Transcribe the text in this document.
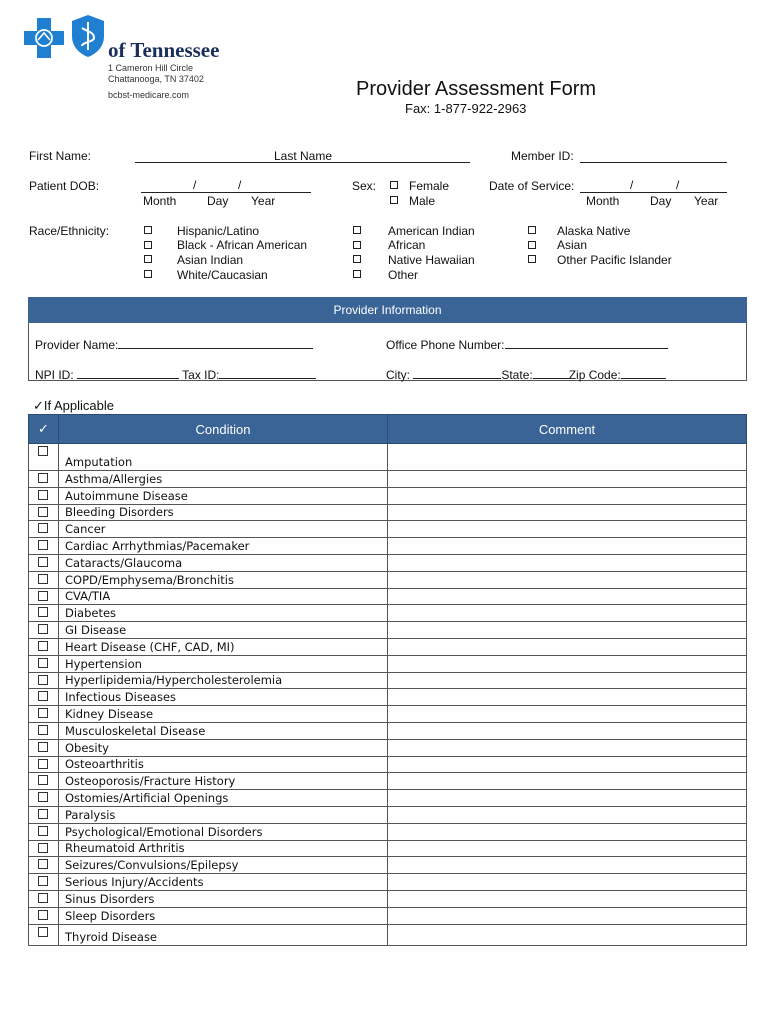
of Tennessee
1 Cameron Hill Circle
Chattanooga, TN 37402
bcbst-medicare.com	Provider Assessment Form
Fax: 1-877-922-2963
First Name:	Last Name	Member ID:
Patient DOB:	/	/
Month	Day Year
Sex:	Female
Male
Date of Service:	/	/
Month	Day Year
Race/Ethnicity:	Hispanic/Latino
Black - African American
Asian Indian
White/Caucasian
American Indian
African
Native Hawaiian
Other
Alaska Native
Asian
Other Pacific Islander
Provider Information
Provider Name:	Office Phone Number:
NPI ID:	Tax ID:	City:	State:	Zip Code:
✓If Applicable
✓	Condition	Comment

	Amputation	

	Asthma/Allergies	

	Autoimmune Disease	

	Bleeding Disorders	

	Cancer	

	Cardiac Arrhythmias/Pacemaker	

	Cataracts/Glaucoma	

	COPD/Emphysema/Bronchitis	

	CVA/TIA	

	Diabetes	

	GI Disease	

	Heart Disease (CHF, CAD, MI)	

	Hypertension	

	Hyperlipidemia/Hypercholesterolemia	

	Infectious Diseases	

	Kidney Disease	

	Musculoskeletal Disease	

	Obesity	

	Osteoarthritis	

	Osteoporosis/Fracture History	

	Ostomies/Artificial Openings	

	Paralysis	

	Psychological/Emotional Disorders	

	Rheumatoid Arthritis	

	Seizures/Convulsions/Epilepsy	

	Serious Injury/Accidents	

	Sinus Disorders	

	Sleep Disorders	

	Thyroid Disease	
